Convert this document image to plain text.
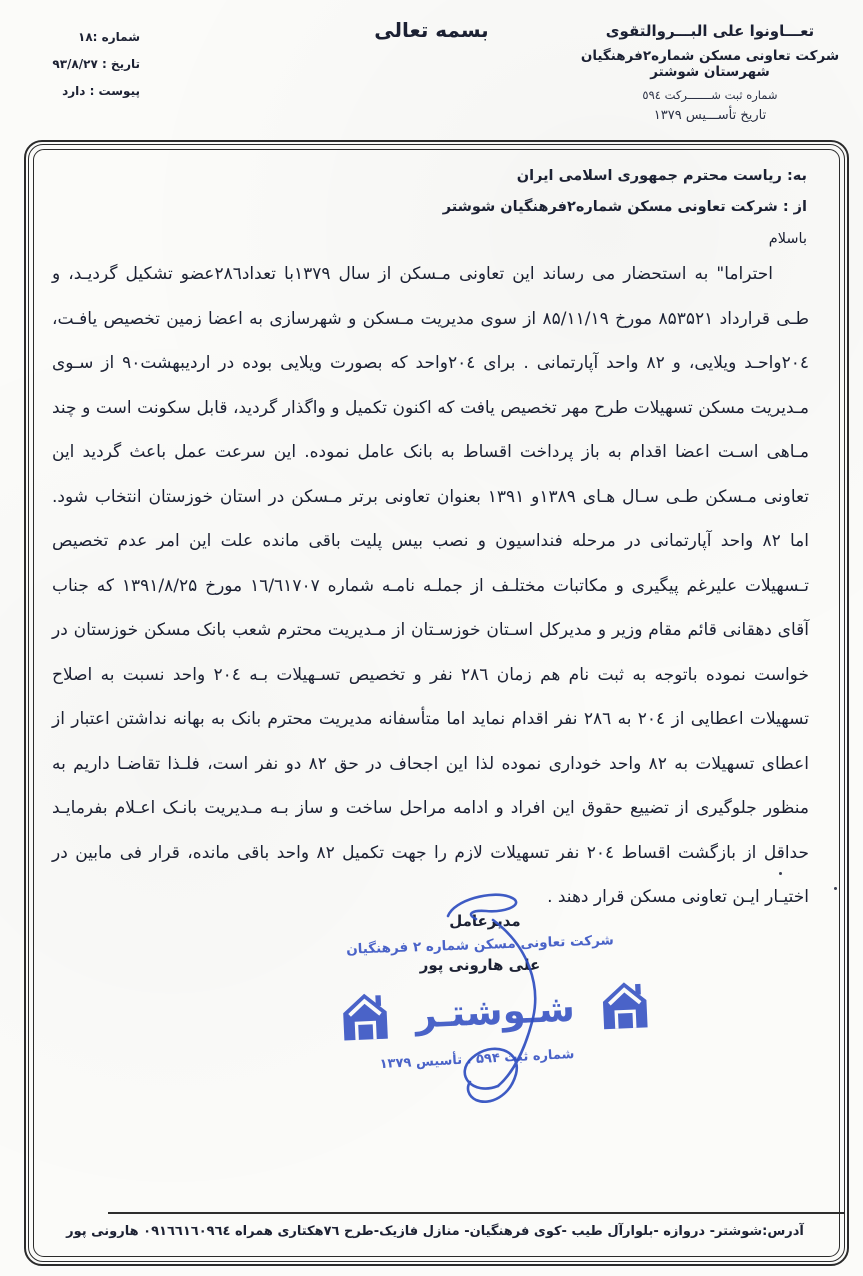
بسمه تعالی
شماره :۱۸
تاریخ : ۹۳/۸/۲۷
پیوست : دارد
تعـــاونوا علی البـــروالتقوی
شرکت تعاونی مسکن شماره۲فرهنگیان شهرستان شوشتر
شماره ثبت شـــــــرکت ٥٩٤
تاریخ تأســـیس ۱۳۷۹
به: ریاست محترم جمهوری اسلامی ایران
از : شرکت تعاونی مسکن شماره۲فرهنگیان شوشتر
باسلام
احتراما" به استحضار می رساند این تعاونی مـسکن از سال ۱۳۷۹با تعداد۲۸٦عضو تشکیل گردیـد، و طـی قرارداد ۸۵۳۵۲۱ مورخ ۸۵/۱۱/۱۹ از سوی مدیریت مـسکن و شهرسازی به اعضا زمین تخصیص یافـت، ۲۰٤واحـد ویلایی، و ۸۲ واحد آپارتمانی . برای ۲۰٤واحد که بصورت ویلایی بوده در اردیبهشت۹۰ از سـوی مـدیریت مسکن تسهیلات طرح مهر تخصیص یافت که اکنون تکمیل و واگذار گردید، قابل سکونت است و چند مـاهی اسـت اعضا اقدام به باز پرداخت اقساط به بانک عامل نموده. این سرعت عمل باعث گردید این تعاونی مـسکن طـی سـال هـای ۱۳۸۹و ۱۳۹۱ بعنوان تعاونی برتر مـسکن در استان خوزستان انتخاب شود. اما ۸۲ واحد آپارتمانی در مرحله فنداسیون و نصب بیس پلیت باقی مانده علت این امر عدم تخصیص تـسهیلات علیرغم پیگیری و مکاتبات مختلـف از جملـه نامـه شماره ۱٦/٦۱۷۰۷ مورخ ۱۳۹۱/۸/۲۵ که جناب آقای دهقانی قائم مقام وزیر و مدیرکل اسـتان خوزسـتان از مـدیریت محترم شعب بانک مسکن خوزستان در خواست نموده باتوجه به ثبت نام هم زمان ۲۸٦ نفر و تخصیص تسـهیلات بـه ۲۰٤ واحد نسبت به اصلاح تسهیلات اعطایی از ۲۰٤ به ۲۸٦ نفر اقدام نماید اما متأسفانه مدیریت محترم بانک به بهانه نداشتن اعتبار از اعطای تسهیلات به ۸۲ واحد خوداری نموده لذا این اجحاف در حق ۸۲ دو نفر است، فلـذا تقاضـا داریم به منظور جلوگیری از تضییع حقوق این افراد و ادامه مراحل ساخت و ساز بـه مـدیریت بانـک اعـلام بفرمایـد حداقل از بازگشت اقساط ۲۰٤ نفر تسهیلات لازم را جهت تکمیل ۸۲ واحد باقی مانده، قرار فی مابین در اختیـار ایـن تعاونی مسکن قرار دهند .
مدیرعامل
شرکت تعاونی مسکن شماره ۲ فرهنگیان
علی هارونی پور
شـوشتـر
شماره ثبت ۵۹۴ ، تأسیس ۱۳۷۹
آدرس:شوشتر- دروازه -بلوارآل طیب -کوی فرهنگیان- منازل فازیک-طرح ۷٦هکتاری همراه ۰۹۱٦٦۱٦۰۹٦٤ هارونی پور
